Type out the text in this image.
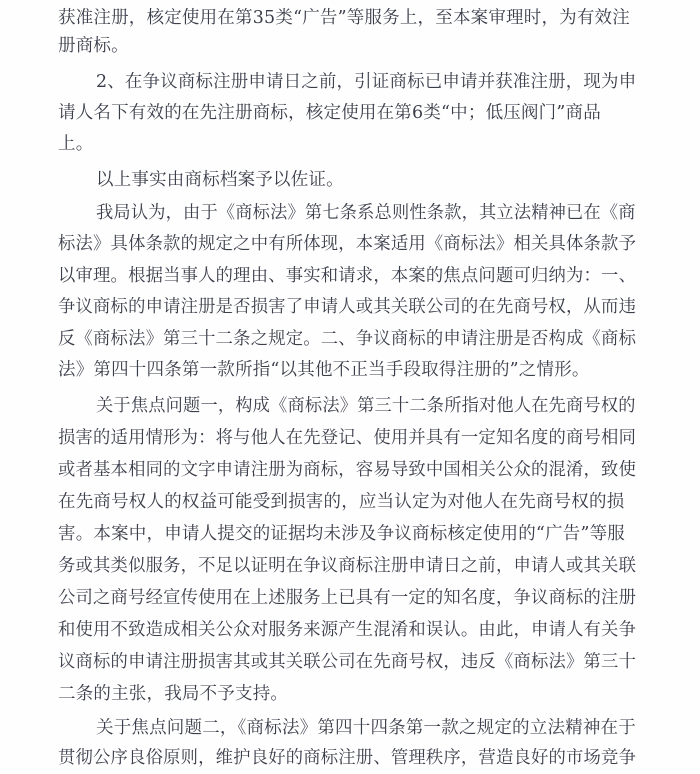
获准注册，核定使用在第35类“广告”等服务上，至本案审理时，为有效注
册商标。
2、在争议商标注册申请日之前，引证商标已申请并获准注册，现为申
请人名下有效的在先注册商标，核定使用在第6类“中；低压阀门”商品
上。
以上事实由商标档案予以佐证。
我局认为，由于《商标法》第七条系总则性条款，其立法精神已在《商
标法》具体条款的规定之中有所体现，本案适用《商标法》相关具体条款予
以审理。根据当事人的理由、事实和请求，本案的焦点问题可归纳为：一、
争议商标的申请注册是否损害了申请人或其关联公司的在先商号权，从而违
反《商标法》第三十二条之规定。二、争议商标的申请注册是否构成《商标
法》第四十四条第一款所指“以其他不正当手段取得注册的”之情形。
关于焦点问题一，构成《商标法》第三十二条所指对他人在先商号权的
损害的适用情形为：将与他人在先登记、使用并具有一定知名度的商号相同
或者基本相同的文字申请注册为商标，容易导致中国相关公众的混淆，致使
在先商号权人的权益可能受到损害的，应当认定为对他人在先商号权的损
害。本案中，申请人提交的证据均未涉及争议商标核定使用的“广告”等服
务或其类似服务，不足以证明在争议商标注册申请日之前，申请人或其关联
公司之商号经宣传使用在上述服务上已具有一定的知名度，争议商标的注册
和使用不致造成相关公众对服务来源产生混淆和误认。由此，申请人有关争
议商标的申请注册损害其或其关联公司在先商号权，违反《商标法》第三十
二条的主张，我局不予支持。
关于焦点问题二，《商标法》第四十四条第一款之规定的立法精神在于
贯彻公序良俗原则，维护良好的商标注册、管理秩序，营造良好的市场竞争
